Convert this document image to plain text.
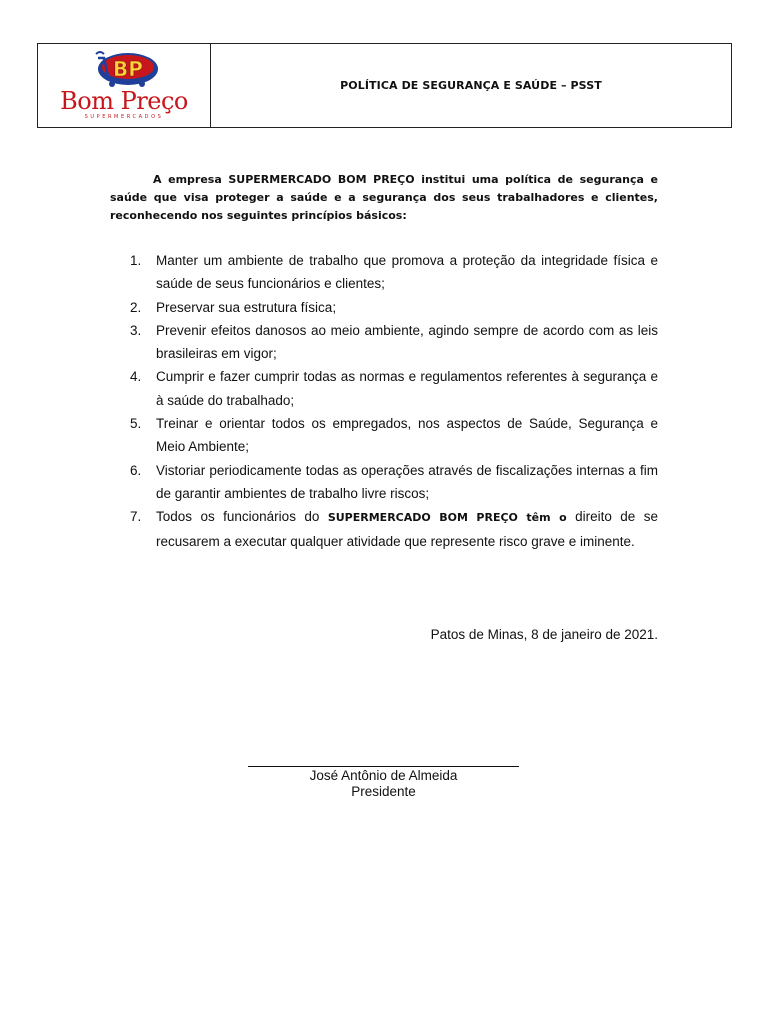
BP
Bom Preço
SUPERMERCADOS
POLÍTICA DE SEGURANÇA E SAÚDE – PSST

A empresa SUPERMERCADO BOM PREÇO institui uma política de segurança e saúde que visa proteger a saúde e a segurança dos seus trabalhadores e clientes, reconhecendo nos seguintes princípios básicos:

1.	Manter um ambiente de trabalho que promova a proteção da integridade física e saúde de seus funcionários e clientes;
2.	Preservar sua estrutura física;
3.	Prevenir efeitos danosos ao meio ambiente, agindo sempre de acordo com as leis brasileiras em vigor;
4.	Cumprir e fazer cumprir todas as normas e regulamentos referentes à segurança e à saúde do trabalhado;
5.	Treinar e orientar todos os empregados, nos aspectos de Saúde, Segurança e Meio Ambiente;
6.	Vistoriar periodicamente todas as operações através de fiscalizações internas a fim de garantir ambientes de trabalho livre riscos;
7.	Todos os funcionários do SUPERMERCADO BOM PREÇO têm o direito de se recusarem a executar qualquer atividade que represente risco grave e iminente.
Patos de Minas, 8 de janeiro de 2021.
José Antônio de Almeida
Presidente
